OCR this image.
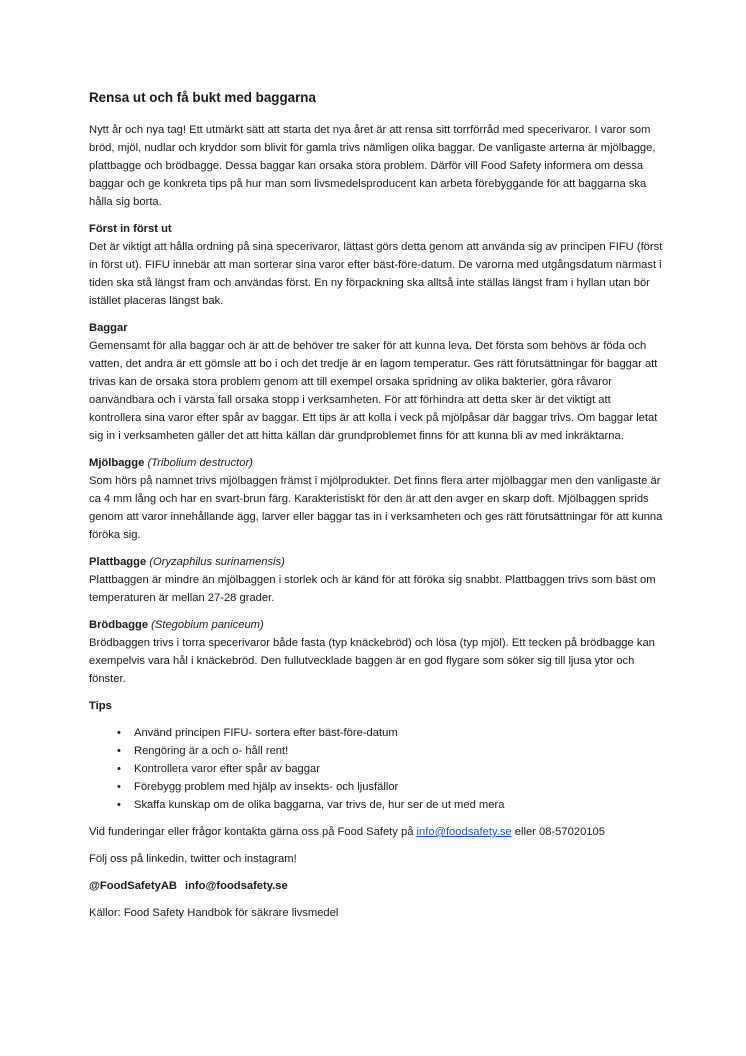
Rensa ut och få bukt med baggarna

Nytt år och nya tag! Ett utmärkt sätt att starta det nya året är att rensa sitt torrförråd med specerivaror. I varor som bröd, mjöl, nudlar och kryddor som blivit för gamla trivs nämligen olika baggar. De vanligaste arterna är mjölbagge, plattbagge och brödbagge. Dessa baggar kan orsaka stora problem. Därför vill Food Safety informera om dessa baggar och ge konkreta tips på hur man som livsmedelsproducent kan arbeta förebyggande för att baggarna ska hålla sig borta.

Först in först ut
Det är viktigt att hålla ordning på sina specerivaror, lättast görs detta genom att använda sig av principen FIFU (först in först ut). FIFU innebär att man sorterar sina varor efter bäst-före-datum. De varorna med utgångsdatum närmast i tiden ska stå längst fram och användas först. En ny förpackning ska alltså inte ställas längst fram i hyllan utan bör istället placeras längst bak.
Baggar
Gemensamt för alla baggar och är att de behöver tre saker för att kunna leva. Det första som behövs är föda och vatten, det andra är ett gömsle att bo i och det tredje är en lagom temperatur. Ges rätt förutsättningar för baggar att trivas kan de orsaka stora problem genom att till exempel orsaka spridning av olika bakterier, göra råvaror oanvändbara och i värsta fall orsaka stopp i verksamheten. För att förhindra att detta sker är det viktigt att kontrollera sina varor efter spår av baggar. Ett tips är att kolla i veck på mjölpåsar där baggar trivs. Om baggar letat sig in i verksamheten gäller det att hitta källan där grundproblemet finns för att kunna bli av med inkräktarna.
Mjölbagge (Tribolium destructor)
Som hörs på namnet trivs mjölbaggen främst i mjölprodukter. Det finns flera arter mjölbaggar men den vanligaste är ca 4 mm lång och har en svart-brun färg. Karakteristiskt för den är att den avger en skarp doft. Mjölbaggen sprids genom att varor innehållande ägg, larver eller baggar tas in i verksamheten och ges rätt förutsättningar för att kunna föröka sig.
Plattbagge (Oryzaphilus surinamensis)
Plattbaggen är mindre än mjölbaggen i storlek och är känd för att föröka sig snabbt. Plattbaggen trivs som bäst om temperaturen är mellan 27-28 grader.
Brödbagge (Stegobium paniceum)
Brödbaggen trivs i torra specerivaror både fasta (typ knäckebröd) och lösa (typ mjöl). Ett tecken på brödbagge kan exempelvis vara hål i knäckebröd. Den fullutvecklade baggen är en god flygare som söker sig till ljusa ytor och fönster.

Tips

• Använd principen FIFU- sortera efter bäst-före-datum
• Rengöring är a och o- håll rent!
• Kontrollera varor efter spår av baggar
• Förebygg problem med hjälp av insekts- och ljusfällor
• Skaffa kunskap om de olika baggarna, var trivs de, hur ser de ut med mera

Vid funderingar eller frågor kontakta gärna oss på Food Safety på info@foodsafety.se eller 08-57020105

Följ oss på linkedin, twitter och instagram!

@FoodSafetyAB info@foodsafety.se

Källor: Food Safety Handbok för säkrare livsmedel
